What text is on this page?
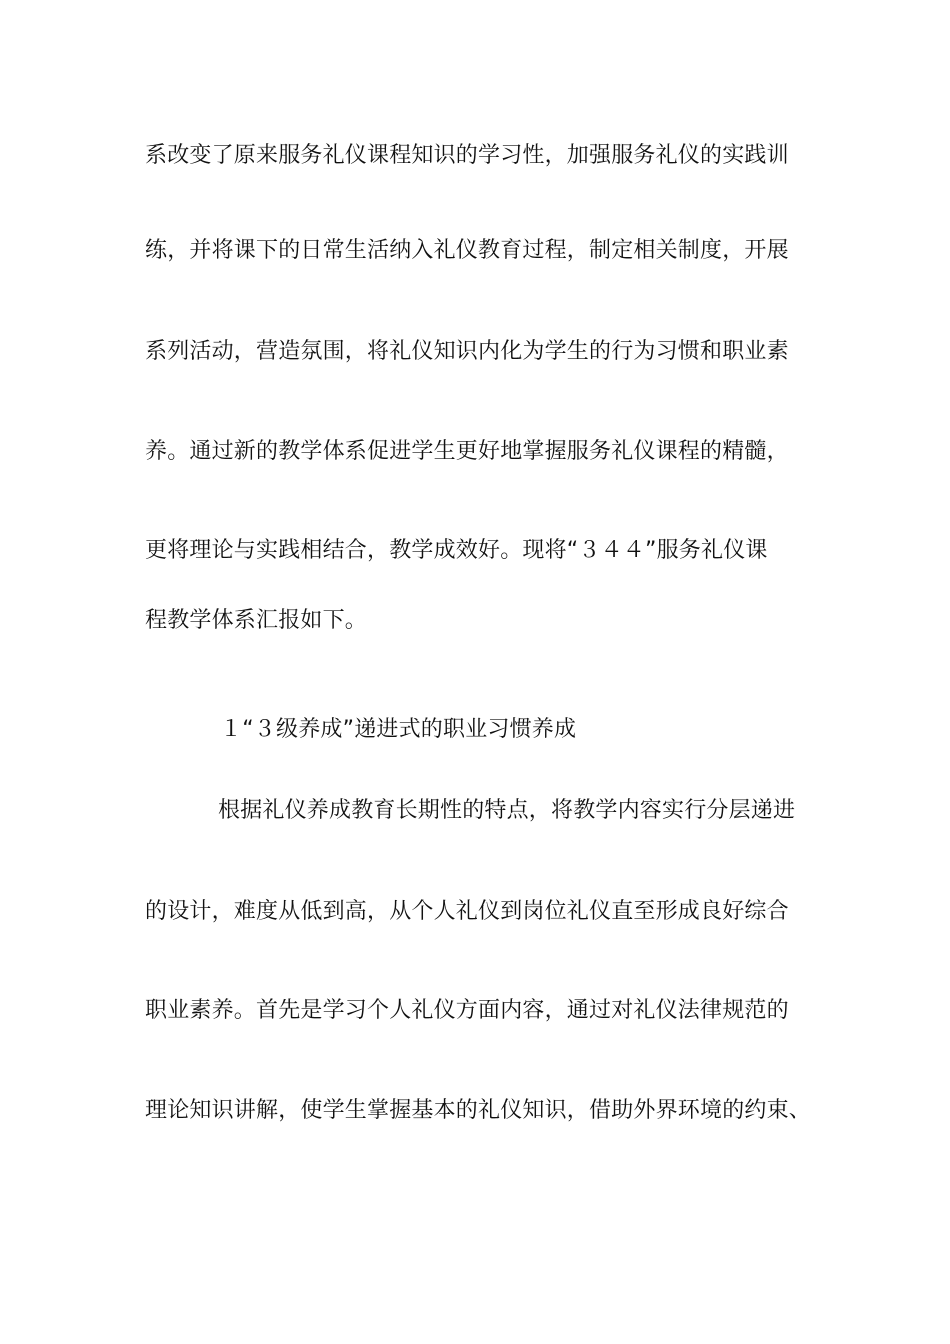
系改变了原来服务礼仪课程知识的学习性，加强服务礼仪的实践训
练，并将课下的日常生活纳入礼仪教育过程，制定相关制度，开展
系列活动，营造氛围，将礼仪知识内化为学生的行为习惯和职业素
养。通过新的教学体系促进学生更好地掌握服务礼仪课程的精髓，
更将理论与实践相结合，教学成效好。现将“３４４”服务礼仪课
程教学体系汇报如下。
１“３级养成”递进式的职业习惯养成
根据礼仪养成教育长期性的特点，将教学内容实行分层递进
的设计，难度从低到高，从个人礼仪到岗位礼仪直至形成良好综合
职业素养。首先是学习个人礼仪方面内容，通过对礼仪法律规范的
理论知识讲解，使学生掌握基本的礼仪知识，借助外界环境的约束、
